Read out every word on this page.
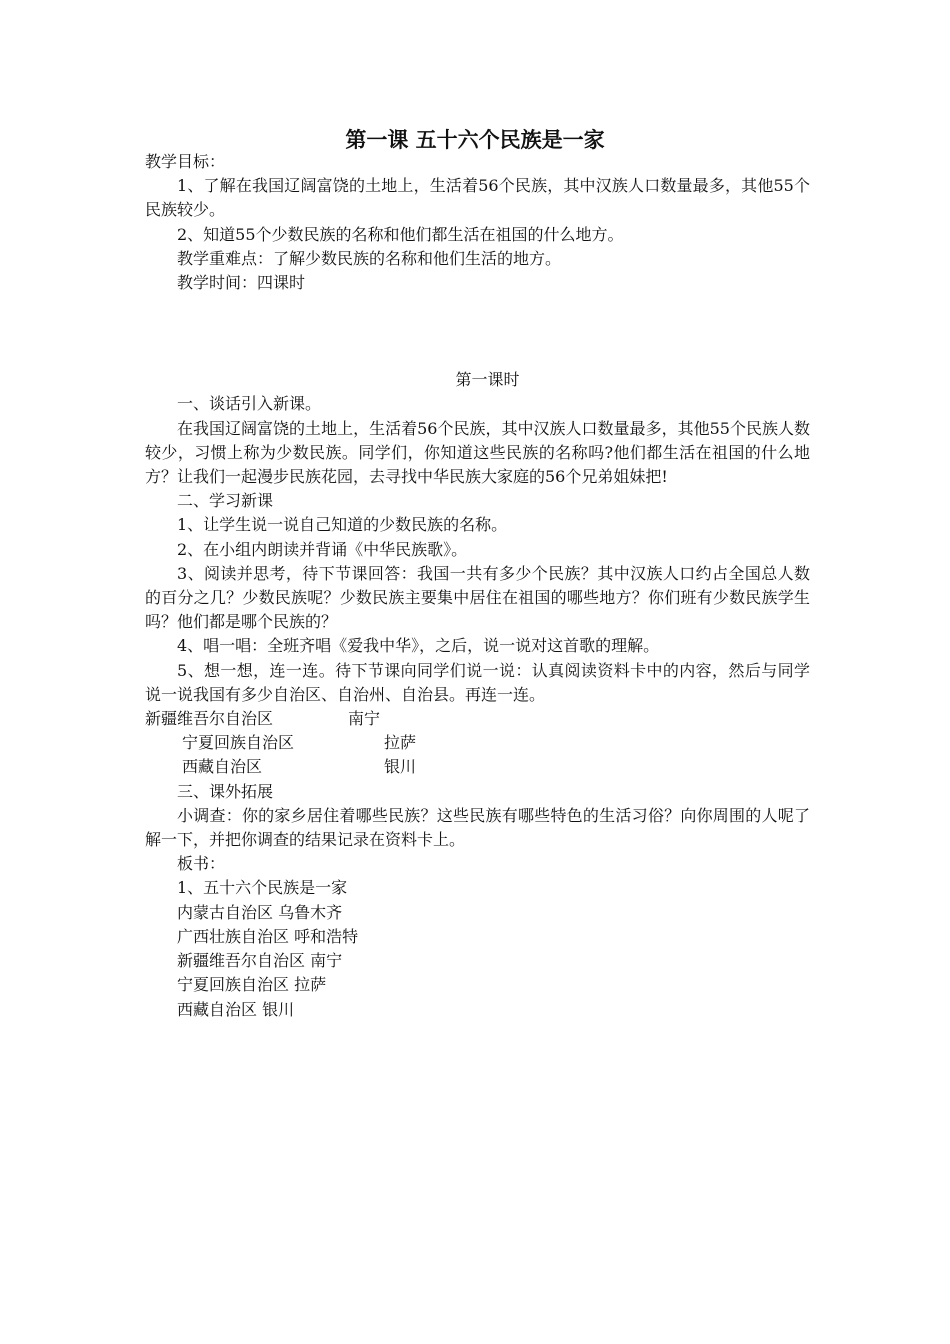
第一课 五十六个民族是一家

教学目标：

1、了解在我国辽阔富饶的土地上，生活着56个民族，其中汉族人口数量最多，其他55个民族较少。

2、知道55个少数民族的名称和他们都生活在祖国的什么地方。

教学重难点：了解少数民族的名称和他们生活的地方。

教学时间：四课时

第一课时

一、谈话引入新课。

在我国辽阔富饶的土地上，生活着56个民族，其中汉族人口数量最多，其他55个民族人数较少，习惯上称为少数民族。同学们，你知道这些民族的名称吗?他们都生活在祖国的什么地方？让我们一起漫步民族花园，去寻找中华民族大家庭的56个兄弟姐妹把!

二、学习新课

1、让学生说一说自己知道的少数民族的名称。

2、在小组内朗读并背诵《中华民族歌》。

3、阅读并思考，待下节课回答：我国一共有多少个民族？其中汉族人口约占全国总人数的百分之几？少数民族呢？少数民族主要集中居住在祖国的哪些地方？你们班有少数民族学生吗？他们都是哪个民族的？

4、唱一唱：全班齐唱《爱我中华》，之后，说一说对这首歌的理解。

5、想一想，连一连。待下节课向同学们说一说：认真阅读资料卡中的内容，然后与同学说一说我国有多少自治区、自治州、自治县。再连一连。

新疆维吾尔自治区	南宁
宁夏回族自治区	拉萨
西藏自治区	银川

三、课外拓展

小调查：你的家乡居住着哪些民族？这些民族有哪些特色的生活习俗？向你周围的人呢了解一下，并把你调查的结果记录在资料卡上。

板书：

1、五十六个民族是一家

内蒙古自治区 乌鲁木齐

广西壮族自治区 呼和浩特

新疆维吾尔自治区 南宁

宁夏回族自治区 拉萨

西藏自治区 银川
